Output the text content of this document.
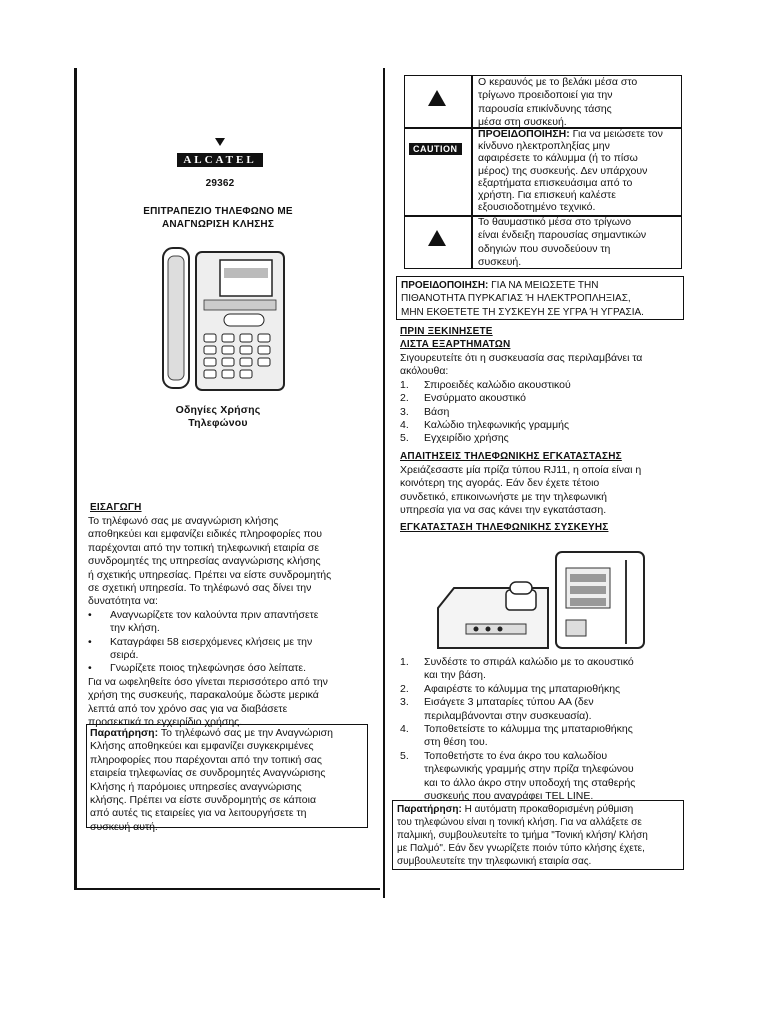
ALCATEL
29362
ΕΠΙΤΡΑΠΕΖΙΟ ΤΗΛΕΦΩΝΟ ΜΕ
ΑΝΑΓΝΩΡΙΣΗ ΚΛΗΣΗΣ
Οδηγίες Χρήσης
Τηλεφώνου
ΕΙΣΑΓΩΓΗ
Το τηλέφωνό σας με αναγνώριση κλήσης
αποθηκεύει και εμφανίζει ειδικές πληροφορίες που
παρέχονται από την τοπική τηλεφωνική εταιρία σε
συνδρομητές της υπηρεσίας αναγνώρισης κλήσης
ή σχετικής υπηρεσίας. Πρέπει να είστε συνδρομητής
σε σχετική υπηρεσία. Το τηλέφωνό σας δίνει την
δυνατότητα να:
• Αναγνωρίζετε τον καλούντα πριν απαντήσετε
την κλήση.
• Καταγράφει 58 εισερχόμενες κλήσεις με την
σειρά.
• Γνωρίζετε ποιος τηλεφώνησε όσο λείπατε.
Για να ωφεληθείτε όσο γίνεται περισσότερο από την
χρήση της συσκευής, παρακαλούμε δώστε μερικά
λεπτά από τον χρόνο σας για να διαβάσετε
προσεκτικά το εγχειρίδιο χρήσης.
Παρατήρηση: Το τηλέφωνό σας με την Αναγνώριση
Κλήσης αποθηκεύει και εμφανίζει συγκεκριμένες
πληροφορίες που παρέχονται από την τοπική σας
εταιρεία τηλεφωνίας σε συνδρομητές Αναγνώρισης
Κλήσης ή παρόμοιες υπηρεσίες αναγνώρισης
κλήσης. Πρέπει να είστε συνδρομητής σε κάποια
από αυτές τις εταιρείες για να λειτουργήσετε τη
συσκευή αυτή.
Ο κεραυνός με το βελάκι μέσα στο
τρίγωνο προειδοποιεί για την
παρουσία επικίνδυνης τάσης
μέσα στη συσκευή.
CAUTION
ΠΡΟΕΙΔΟΠΟΙΗΣΗ: Για να μειώσετε τον
κίνδυνο ηλεκτροπληξίας μην
αφαιρέσετε το κάλυμμα (ή το πίσω
μέρος) της συσκευής. Δεν υπάρχουν
εξαρτήματα επισκευάσιμα από το
χρήστη. Για επισκευή καλέστε
εξουσιοδοτημένο τεχνικό.
Το θαυμαστικό μέσα στο τρίγωνο
είναι ένδειξη παρουσίας σημαντικών
οδηγιών που συνοδεύουν τη
συσκευή.
ΠΡΟΕΙΔΟΠΟΙΗΣΗ: ΓΙΑ ΝΑ ΜΕΙΩΣΕΤΕ ΤΗΝ
ΠΙΘΑΝΟΤΗΤΑ ΠΥΡΚΑΓΙΑΣ Ή ΗΛΕΚΤΡΟΠΛΗΞΙΑΣ,
ΜΗΝ ΕΚΘΕΤΕΤΕ ΤΗ ΣΥΣΚΕΥΗ ΣΕ ΥΓΡΑ Ή ΥΓΡΑΣΙΑ.
ΠΡΙΝ ΞΕΚΙΝΗΣΕΤΕ
ΛΙΣΤΑ ΕΞΑΡΤΗΜΑΤΩΝ
Σιγουρευτείτε ότι η συσκευασία σας περιλαμβάνει τα
ακόλουθα:
1. Σπιροειδές καλώδιο ακουστικού
2. Ενσύρματο ακουστικό
3. Βάση
4. Καλώδιο τηλεφωνικής γραμμής
5. Εγχειρίδιο χρήσης
ΑΠΑΙΤΗΣΕΙΣ ΤΗΛΕΦΩΝΙΚΗΣ ΕΓΚΑΤΑΣΤΑΣΗΣ
Χρειάζεσαστε μία πρίζα τύπου RJ11, η οποία είναι η
κοινότερη της αγοράς. Εάν δεν έχετε τέτοιο
συνδετικό, επικοινωνήστε με την τηλεφωνική
υπηρεσία για να σας κάνει την εγκατάσταση.
ΕΓΚΑΤΑΣΤΑΣΗ ΤΗΛΕΦΩΝΙΚΗΣ ΣΥΣΚΕΥΗΣ
1. Συνδέστε το σπιράλ καλώδιο με το ακουστικό
και την βάση.
2. Αφαιρέστε το κάλυμμα της μπαταριοθήκης
3. Εισάγετε 3 μπαταρίες τύπου AA (δεν
περιλαμβάνονται στην συσκευασία).
4. Τοποθετείστε το κάλυμμα της μπαταριοθήκης
στη θέση του.
5. Τοποθετήστε το ένα άκρο του καλωδίου
τηλεφωνικής γραμμής στην πρίζα τηλεφώνου
και το άλλο άκρο στην υποδοχή της σταθερής
συσκευής που αναγράφει TEL LINE.
Παρατήρηση: Η αυτόματη προκαθορισμένη ρύθμιση
του τηλεφώνου είναι η τονική κλήση. Για να αλλάξετε σε
παλμική, συμβουλευτείτε το τμήμα "Τονική κλήση/ Κλήση
με Παλμό". Εάν δεν γνωρίζετε ποιόν τύπο κλήσης έχετε,
συμβουλευτείτε την τηλεφωνική εταιρία σας.
